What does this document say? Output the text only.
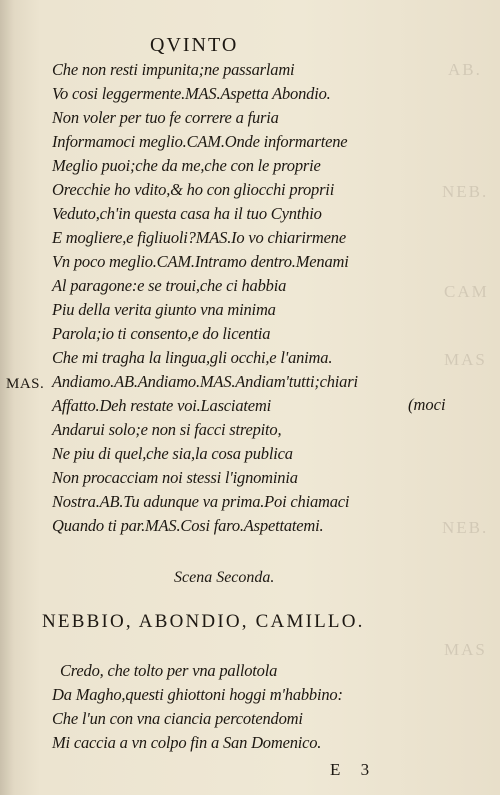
AB.
NEB.
CAM
MAS
NEB.
MAS
QVINTO
Che non resti impunita;ne passarlami
Vo cosi leggermente.MAS.Aspetta Abondio.
Non voler per tuo fe correre a furia
Informamoci meglio.CAM.Onde informartene
Meglio puoi;che da me,che con le proprie
Orecchie ho vdito,& ho con gliocchi proprii
Veduto,ch'in questa casa ha il tuo Cynthio
E mogliere,e figliuoli?MAS.Io vo chiarirmene
Vn poco meglio.CAM.Intramo dentro.Menami
Al paragone:e se troui,che ci habbia
Piu della verita giunto vna minima
Parola;io ti consento,e do licentia
Che mi tragha la lingua,gli occhi,e l'anima.
MAS. Andiamo.AB.Andiamo.MAS.Andiam'tutti;chiari
Affatto.Deh restate voi.Lasciatemi	(moci
Andarui solo;e non si facci strepito,
Ne piu di quel,che sia,la cosa publica
Non procacciam noi stessi l'ignominia
Nostra.AB.Tu adunque va prima.Poi chiamaci
Quando ti par.MAS.Cosi faro.Aspettatemi.
Scena Seconda.
NEBBIO, ABONDIO, CAMILLO.
Credo, che tolto per vna pallotola
Da Magho,questi ghiottoni hoggi m'habbino:
Che l'un con vna ciancia percotendomi
Mi caccia a vn colpo fin a San Domenico.
E 3
